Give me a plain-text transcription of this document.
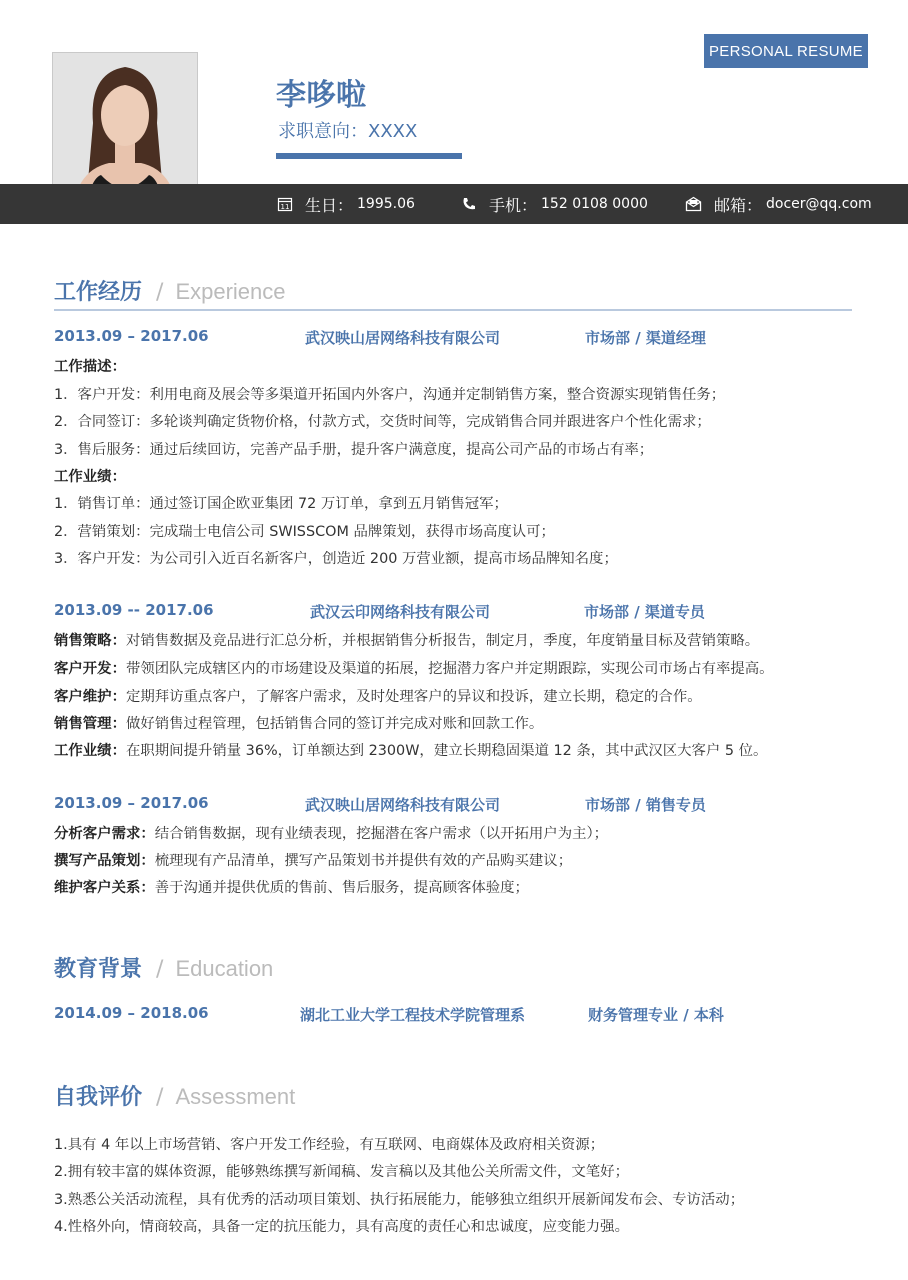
PERSONAL RESUME
李哆啦
求职意向：XXXX
11 生日： 1995.06	手机： 152 0108 0000	邮箱： docer@qq.com
工作经历 / Experience
2013.09 – 2017.06	武汉映山居网络科技有限公司	市场部 / 渠道经理
工作描述：
1．客户开发：利用电商及展会等多渠道开拓国内外客户，沟通并定制销售方案，整合资源实现销售任务；
2．合同签订：多轮谈判确定货物价格，付款方式，交货时间等，完成销售合同并跟进客户个性化需求；
3．售后服务：通过后续回访，完善产品手册，提升客户满意度，提高公司产品的市场占有率；
工作业绩：
1．销售订单：通过签订国企欧亚集团 72 万订单，拿到五月销售冠军；
2．营销策划：完成瑞士电信公司 SWISSCOM 品牌策划，获得市场高度认可；
3．客户开发：为公司引入近百名新客户，创造近 200 万营业额，提高市场品牌知名度；
2013.09 -- 2017.06	武汉云印网络科技有限公司	市场部 / 渠道专员
销售策略：对销售数据及竞品进行汇总分析，并根据销售分析报告，制定月，季度，年度销量目标及营销策略。
客户开发：带领团队完成辖区内的市场建设及渠道的拓展，挖掘潜力客户并定期跟踪，实现公司市场占有率提高。
客户维护：定期拜访重点客户，了解客户需求，及时处理客户的异议和投诉，建立长期，稳定的合作。
销售管理：做好销售过程管理，包括销售合同的签订并完成对账和回款工作。
工作业绩：在职期间提升销量 36%，订单额达到 2300W，建立长期稳固渠道 12 条，其中武汉区大客户 5 位。
2013.09 – 2017.06	武汉映山居网络科技有限公司	市场部 / 销售专员
分析客户需求：结合销售数据，现有业绩表现，挖掘潜在客户需求（以开拓用户为主）；
撰写产品策划：梳理现有产品清单，撰写产品策划书并提供有效的产品购买建议；
维护客户关系：善于沟通并提供优质的售前、售后服务，提高顾客体验度；
教育背景 / Education
2014.09 – 2018.06	湖北工业大学工程技术学院管理系	财务管理专业 / 本科
自我评价 / Assessment
1.具有 4 年以上市场营销、客户开发工作经验，有互联网、电商媒体及政府相关资源；
2.拥有较丰富的媒体资源，能够熟练撰写新闻稿、发言稿以及其他公关所需文件，文笔好；
3.熟悉公关活动流程，具有优秀的活动项目策划、执行拓展能力，能够独立组织开展新闻发布会、专访活动；
4.性格外向，情商较高，具备一定的抗压能力，具有高度的责任心和忠诚度，应变能力强。
